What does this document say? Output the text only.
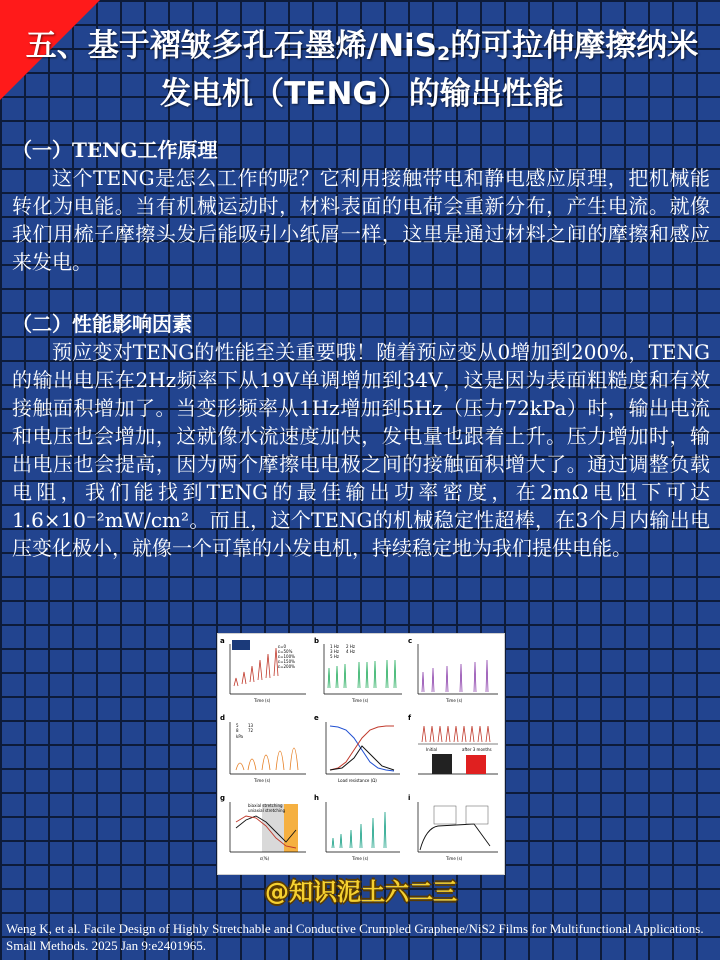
五、基于褶皱多孔石墨烯/NiS$_2$的可拉伸摩擦纳米
发电机（TENG）的输出性能

（一）TENG工作原理

这个TENG是怎么工作的呢？它利用接触带电和静电感应原理，把机械能转化为电能。当有机械运动时，材料表面的电荷会重新分布，产生电流。就像我们用梳子摩擦头发后能吸引小纸屑一样，这里是通过材料之间的摩擦和感应来发电。

（二）性能影响因素

预应变对TENG的性能至关重要哦！随着预应变从0增加到200%，TENG的输出电压在2Hz频率下从19V单调增加到34V，这是因为表面粗糙度和有效接触面积增加了。当变形频率从1Hz增加到5Hz（压力72kPa）时，输出电流和电压也会增加，这就像水流速度加快，发电量也跟着上升。压力增加时，输出电压也会提高，因为两个摩擦电电极之间的接触面积增大了。通过调整负载电阻，我们能找到TENG的最佳输出功率密度，在2mΩ电阻下可达1.6×10⁻²mW/cm²。而且，这个TENG的机械稳定性超棒，在3个月内输出电压变化极小，就像一个可靠的小发电机，持续稳定地为我们提供电能。

a
ε=0
ε=50%
ε=100%
ε=150%
ε=200%
Time (s)
b
1 Hz 2 Hz
3 Hz 4 Hz
5 Hz
Time (s)
c
Time (s)
d
5
8
13
72
kPa
Time (s)
e
Load resistance (Ω)
f
Initial	after 3 months
g
biaxial stretching
uniaxial stretching
ε(%)
h
Time (s)
i
Time (s)
@知识泥土六二三
Weng K, et al. Facile Design of Highly Stretchable and Conductive Crumpled Graphene/NiS2 Films for Multifunctional Applications. Small Methods. 2025 Jan 9:e2401965.
